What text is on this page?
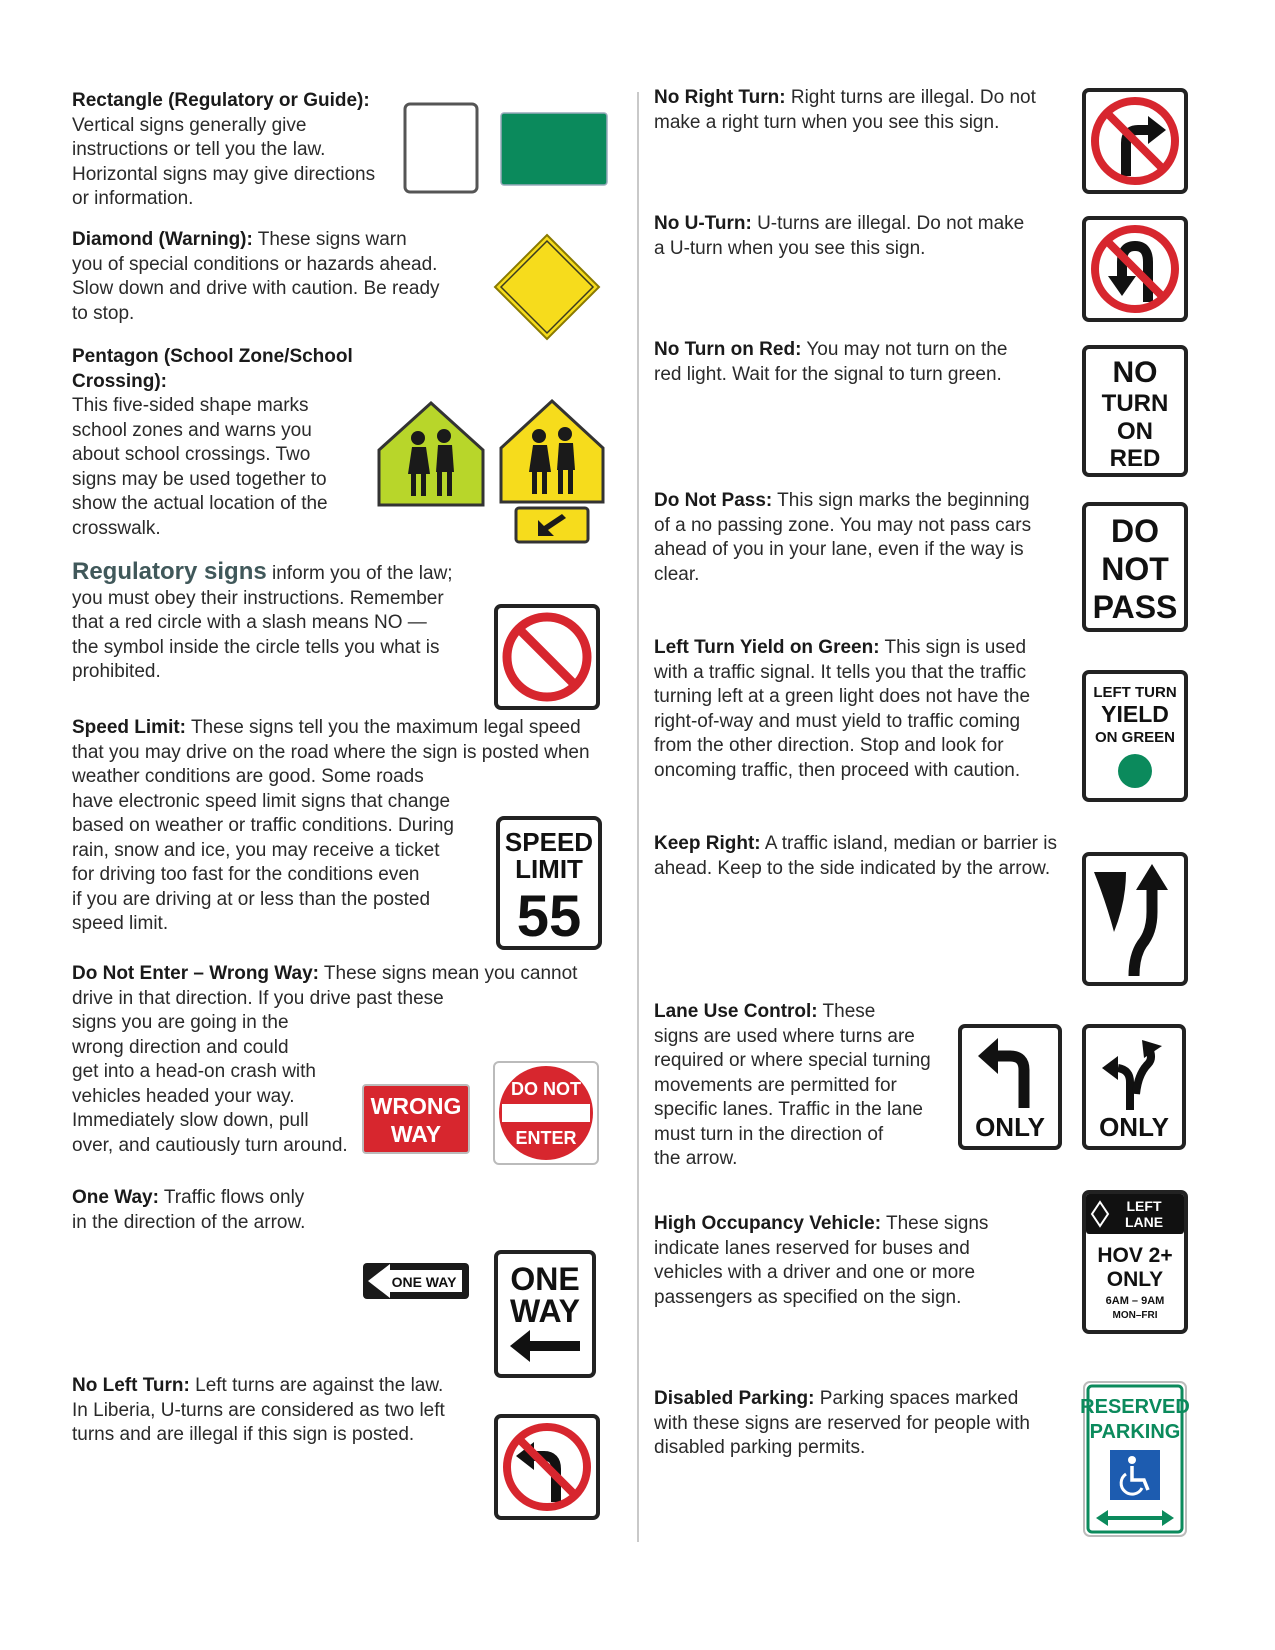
Rectangle (Regulatory or Guide):
Vertical signs generally give
instructions or tell you the law.
Horizontal signs may give directions
or information.
Diamond (Warning): These signs warn
you of special conditions or hazards ahead.
Slow down and drive with caution. Be ready
to stop.
Pentagon (School Zone/School Crossing):
This five-sided shape marks
school zones and warns you
about school crossings. Two
signs may be used together to
show the actual location of the
crosswalk.
Regulatory signs inform you of the law;
you must obey their instructions. Remember
that a red circle with a slash means NO —
the symbol inside the circle tells you what is
prohibited.
Speed Limit: These signs tell you the maximum legal speed
that you may drive on the road where the sign is posted when
weather conditions are good. Some roads
have electronic speed limit signs that change
based on weather or traffic conditions. During
rain, snow and ice, you may receive a ticket
for driving too fast for the conditions even
if you are driving at or less than the posted
speed limit.
Do Not Enter – Wrong Way: These signs mean you cannot
drive in that direction. If you drive past these
signs you are going in the
wrong direction and could
get into a head-on crash with
vehicles headed your way.
Immediately slow down, pull
over, and cautiously turn around.
One Way: Traffic flows only
in the direction of the arrow.
No Left Turn: Left turns are against the law.
In Liberia, U-turns are considered as two left
turns and are illegal if this sign is posted.
No Right Turn: Right turns are illegal. Do not
make a right turn when you see this sign.
No U-Turn: U-turns are illegal. Do not make
a U-turn when you see this sign.
No Turn on Red: You may not turn on the
red light. Wait for the signal to turn green.
Do Not Pass: This sign marks the beginning
of a no passing zone. You may not pass cars
ahead of you in your lane, even if the way is
clear.
Left Turn Yield on Green: This sign is used
with a traffic signal. It tells you that the traffic
turning left at a green light does not have the
right-of-way and must yield to traffic coming
from the other direction. Stop and look for
oncoming traffic, then proceed with caution.
Keep Right: A traffic island, median or barrier is
ahead. Keep to the side indicated by the arrow.
Lane Use Control: These
signs are used where turns are
required or where special turning
movements are permitted for
specific lanes. Traffic in the lane
must turn in the direction of
the arrow.
High Occupancy Vehicle: These signs
indicate lanes reserved for buses and
vehicles with a driver and one or more
passengers as specified on the sign.
Disabled Parking: Parking spaces marked
with these signs are reserved for people with
disabled parking permits.
SPEED
LIMIT
55
WRONG
WAY
DO NOT
ENTER
ONE WAY ONE
WAY
NO
TURN
ON
RED
DO
NOT
PASS
LEFT TURN
YIELD
ON GREEN
ONLY ONLY
LEFT
LANE
HOV 2+
ONLY
6AM – 9AM
MON–FRI
RESERVED
PARKING
